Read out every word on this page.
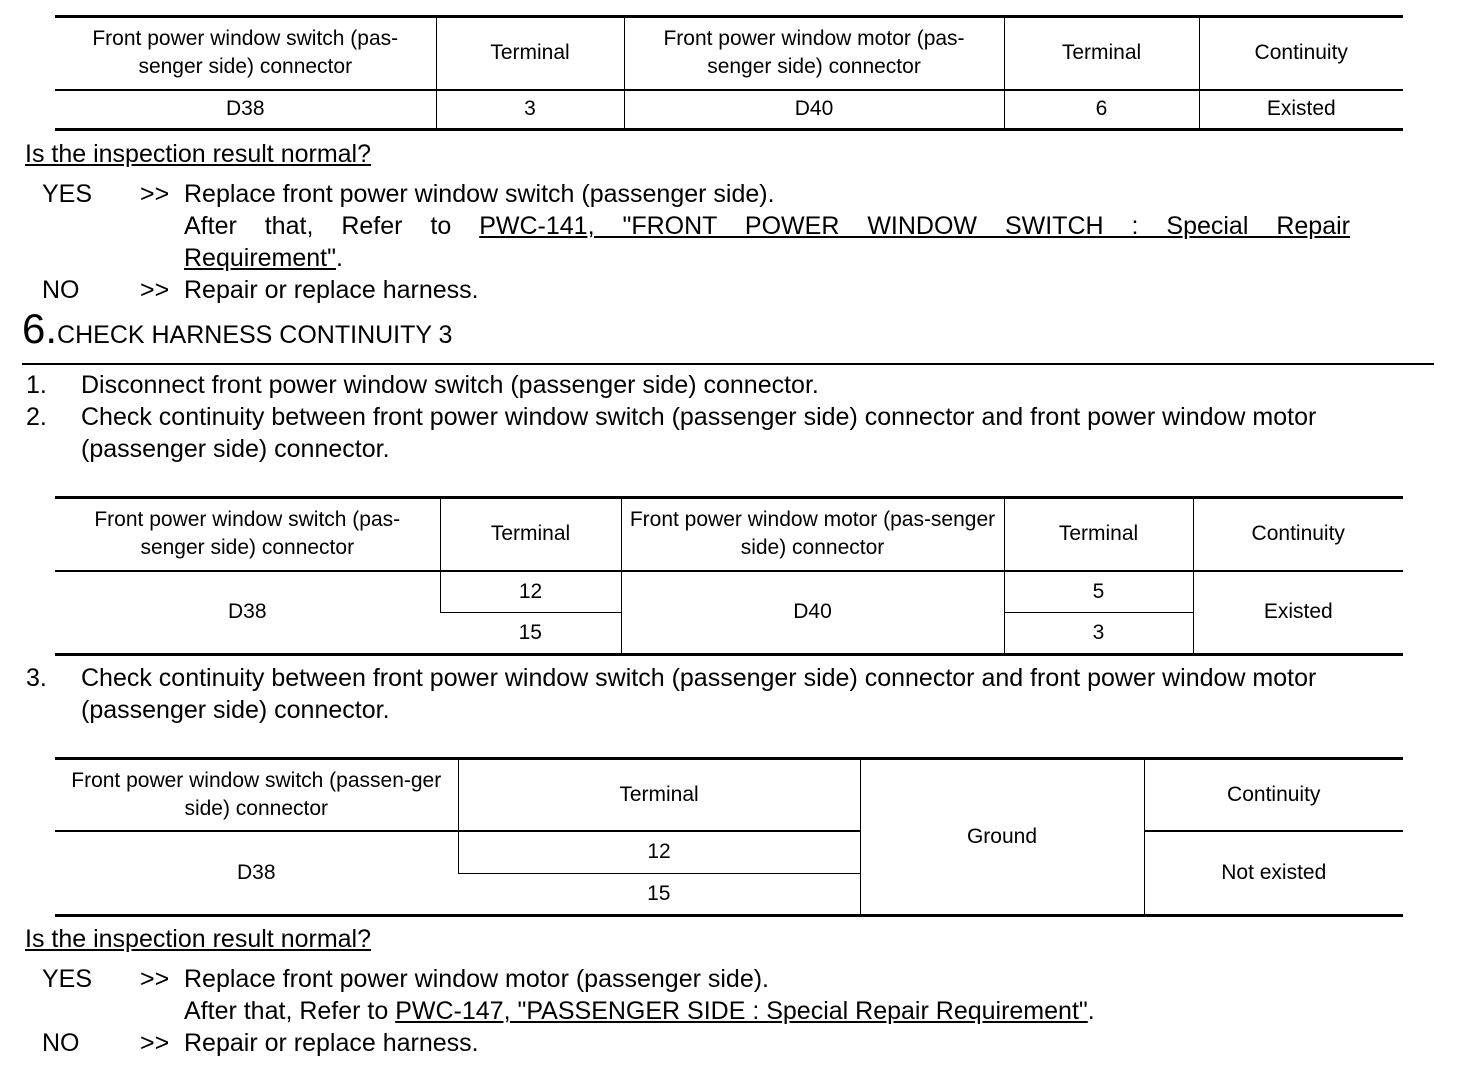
Front power window switch (pas-senger side) connector	Terminal	Front power window motor (pas-senger side) connector	Terminal	Continuity
D38	3	D40	6	Existed
Is the inspection result normal?
YES >> Replace front power window switch (passenger side).
After that, Refer to PWC-141, "FRONT POWER WINDOW SWITCH : Special Repair
Requirement".
NO >> Repair or replace harness.
6.CHECK HARNESS CONTINUITY 3
1. Disconnect front power window switch (passenger side) connector.
2. Check continuity between front power window switch (passenger side) connector and front power window motor (passenger side) connector.
Front power window switch (pas-senger side) connector	Terminal	Front power window motor (pas-senger side) connector	Terminal	Continuity
D38	12	D40	5	Existed
	15		3	
3. Check continuity between front power window switch (passenger side) connector and front power window motor (passenger side) connector.
Front power window switch (passen-ger side) connector	Terminal	Ground	Continuity
D38	12		Not existed
	15		
Is the inspection result normal?
YES >> Replace front power window motor (passenger side).
After that, Refer to PWC-147, "PASSENGER SIDE : Special Repair Requirement".
NO >> Repair or replace harness.
